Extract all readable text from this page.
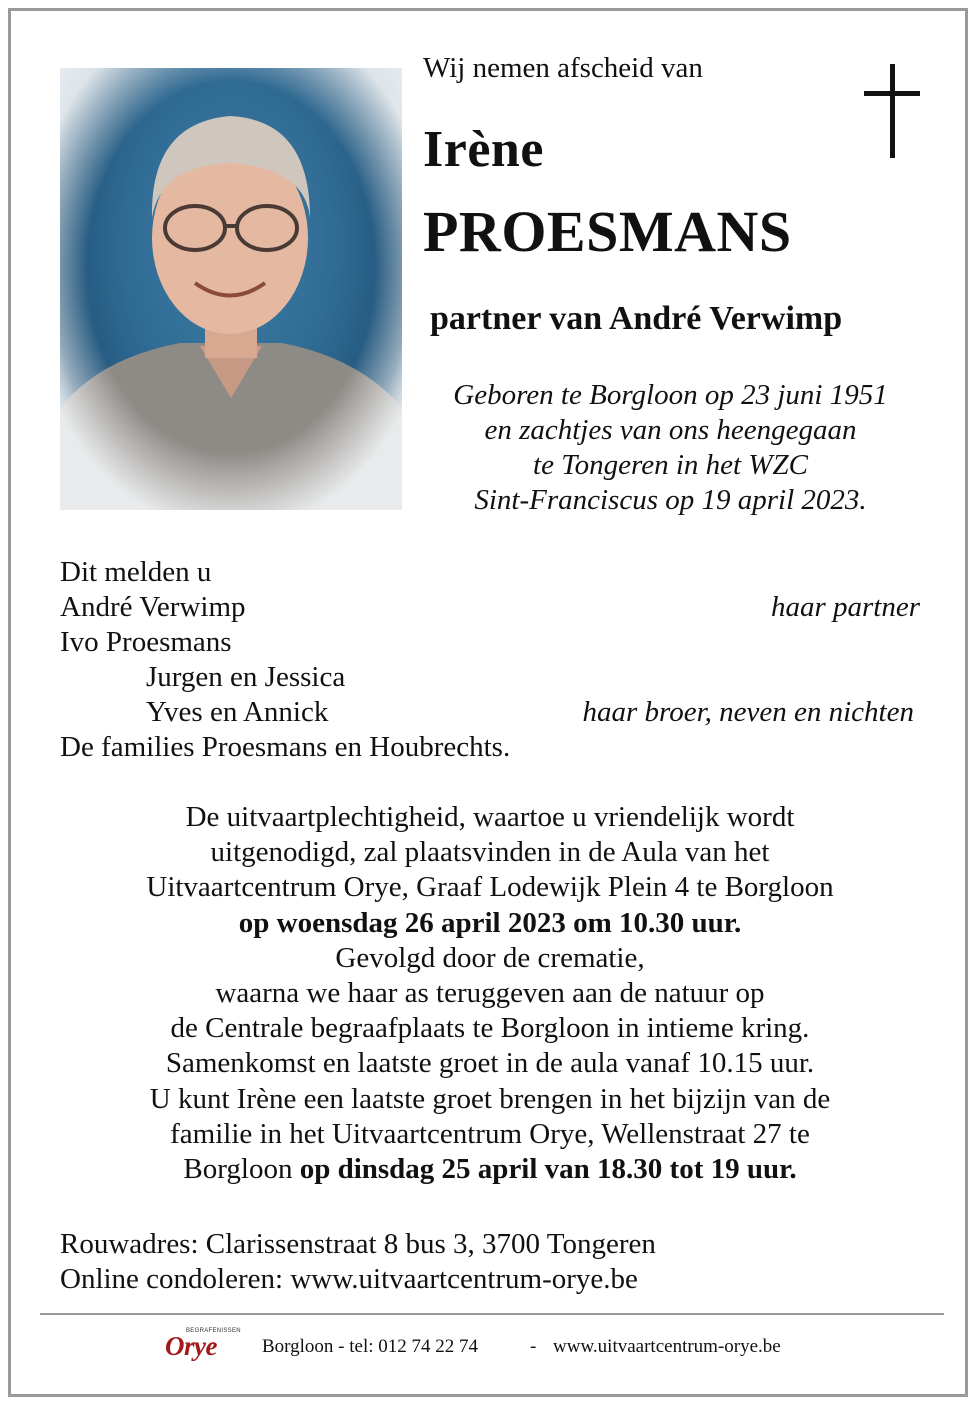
Wij nemen afscheid van
Irène
PROESMANS
partner van André Verwimp
Geboren te Borgloon op 23 juni 1951
en zachtjes van ons heengegaan
te Tongeren in het WZC
Sint-Franciscus op 19 april 2023.
Dit melden u
André Verwimp	haar partner
Ivo Proesmans
Jurgen en Jessica
Yves en Annick	haar broer, neven en nichten
De families Proesmans en Houbrechts.
De uitvaartplechtigheid, waartoe u vriendelijk wordt
uitgenodigd, zal plaatsvinden in de Aula van het
Uitvaartcentrum Orye, Graaf Lodewijk Plein 4 te Borgloon
op woensdag 26 april 2023 om 10.30 uur.
Gevolgd door de crematie,
waarna we haar as teruggeven aan de natuur op
de Centrale begraafplaats te Borgloon in intieme kring.
Samenkomst en laatste groet in de aula vanaf 10.15 uur.
U kunt Irène een laatste groet brengen in het bijzijn van de
familie in het Uitvaartcentrum Orye, Wellenstraat 27 te
Borgloon op dinsdag 25 april van 18.30 tot 19 uur.
Rouwadres: Clarissenstraat 8 bus 3, 3700 Tongeren
Online condoleren: www.uitvaartcentrum-orye.be
BEGRAFENISSEN
Orye Borgloon - tel: 012 74 22 74	- www.uitvaartcentrum-orye.be
